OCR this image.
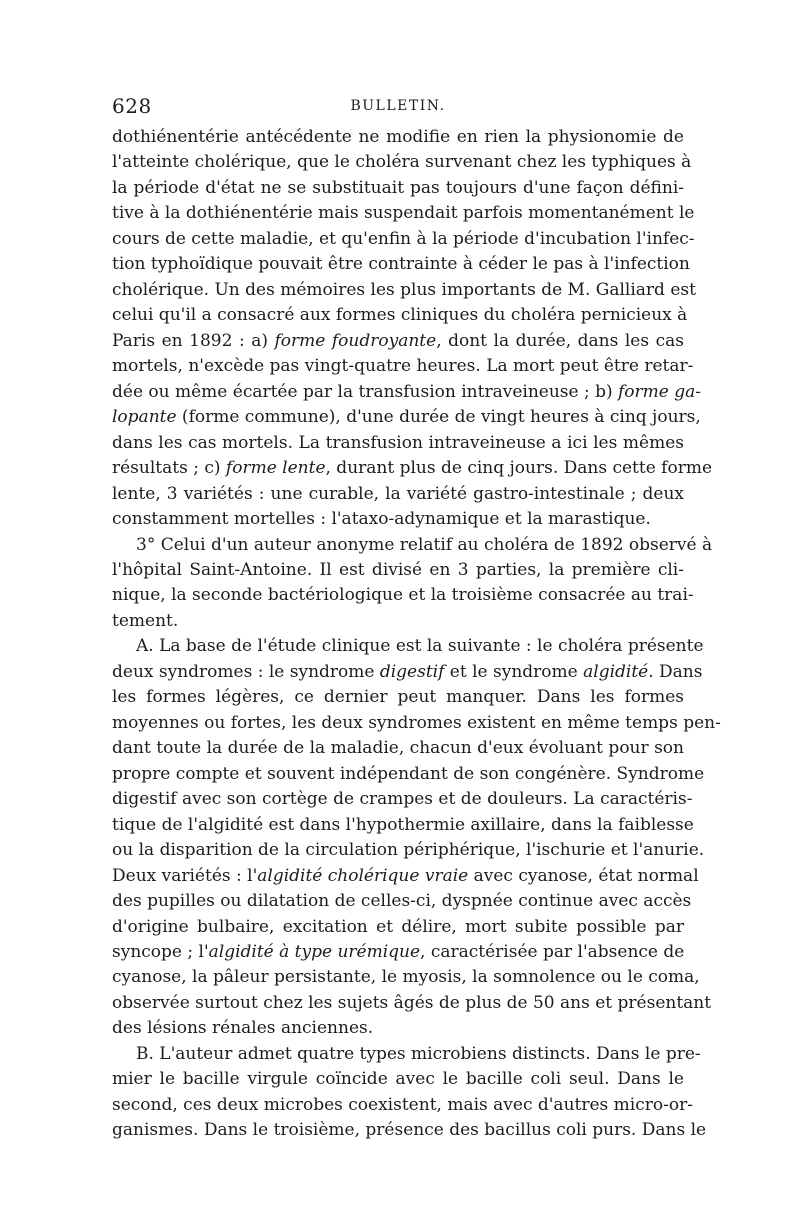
628	BULLETIN.
dothiénentérie antécédente ne modifie en rien la physionomie de
l'atteinte cholérique, que le choléra survenant chez les typhiques à
la période d'état ne se substituait pas toujours d'une façon défini-
tive à la dothiénentérie mais suspendait parfois momentanément le
cours de cette maladie, et qu'enfin à la période d'incubation l'infec-
tion typhoïdique pouvait être contrainte à céder le pas à l'infection
cholérique. Un des mémoires les plus importants de M. Galliard est
celui qu'il a consacré aux formes cliniques du choléra pernicieux à
Paris en 1892 : a) forme foudroyante, dont la durée, dans les cas
mortels, n'excède pas vingt-quatre heures. La mort peut être retar-
dée ou même écartée par la transfusion intraveineuse ; b) forme ga-
lopante (forme commune), d'une durée de vingt heures à cinq jours,
dans les cas mortels. La transfusion intraveineuse a ici les mêmes
résultats ; c) forme lente, durant plus de cinq jours. Dans cette forme
lente, 3 variétés : une curable, la variété gastro-intestinale ; deux
constamment mortelles : l'ataxo-adynamique et la marastique.
3° Celui d'un auteur anonyme relatif au choléra de 1892 observé à
l'hôpital Saint-Antoine. Il est divisé en 3 parties, la première cli-
nique, la seconde bactériologique et la troisième consacrée au trai-
tement.
A. La base de l'étude clinique est la suivante : le choléra présente
deux syndromes : le syndrome digestif et le syndrome algidité. Dans
les formes légères, ce dernier peut manquer. Dans les formes
moyennes ou fortes, les deux syndromes existent en même temps pen-
dant toute la durée de la maladie, chacun d'eux évoluant pour son
propre compte et souvent indépendant de son congénère. Syndrome
digestif avec son cortège de crampes et de douleurs. La caractéris-
tique de l'algidité est dans l'hypothermie axillaire, dans la faiblesse
ou la disparition de la circulation périphérique, l'ischurie et l'anurie.
Deux variétés : l'algidité cholérique vraie avec cyanose, état normal
des pupilles ou dilatation de celles-ci, dyspnée continue avec accès
d'origine bulbaire, excitation et délire, mort subite possible par
syncope ; l'algidité à type urémique, caractérisée par l'absence de
cyanose, la pâleur persistante, le myosis, la somnolence ou le coma,
observée surtout chez les sujets âgés de plus de 50 ans et présentant
des lésions rénales anciennes.
B. L'auteur admet quatre types microbiens distincts. Dans le pre-
mier le bacille virgule coïncide avec le bacille coli seul. Dans le
second, ces deux microbes coexistent, mais avec d'autres micro-or-
ganismes. Dans le troisième, présence des bacillus coli purs. Dans le
